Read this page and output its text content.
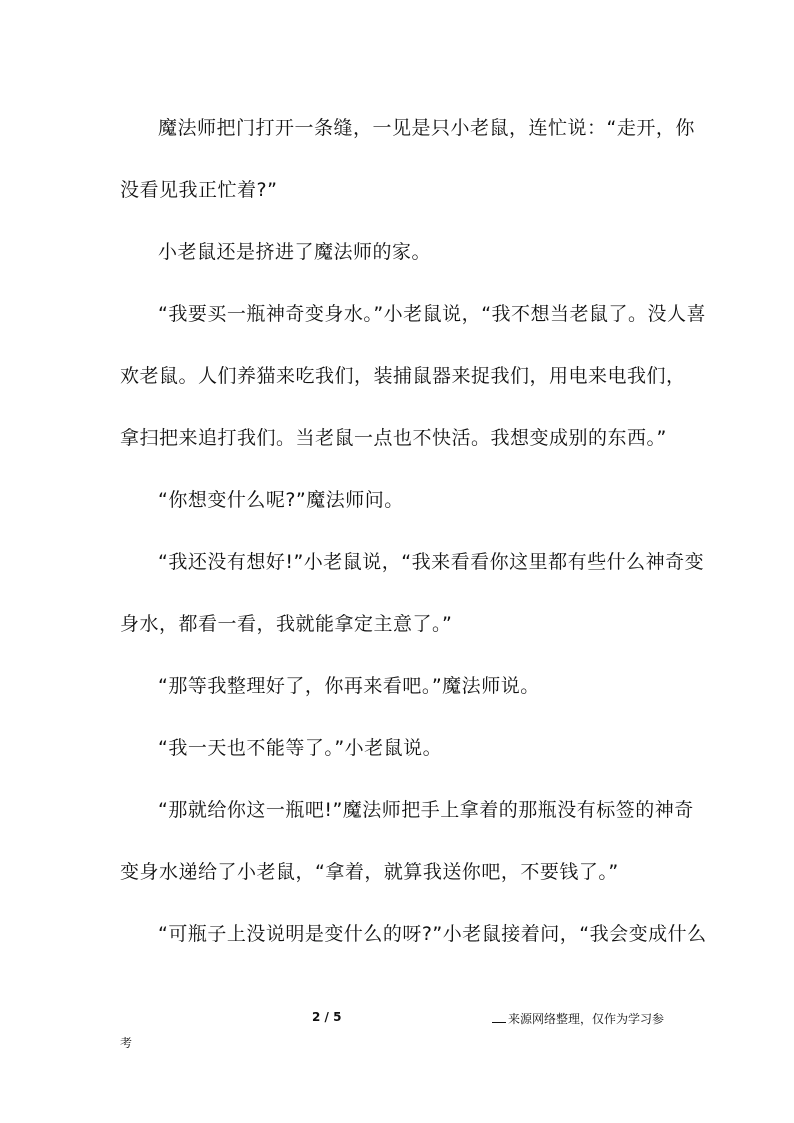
魔法师把门打开一条缝，一见是只小老鼠，连忙说：“走开，你
没看见我正忙着?”
小老鼠还是挤进了魔法师的家。
“我要买一瓶神奇变身水。”小老鼠说，“我不想当老鼠了。没人喜
欢老鼠。人们养猫来吃我们，装捕鼠器来捉我们，用电来电我们，
拿扫把来追打我们。当老鼠一点也不快活。我想变成别的东西。”
“你想变什么呢?”魔法师问。
“我还没有想好!”小老鼠说，“我来看看你这里都有些什么神奇变
身水，都看一看，我就能拿定主意了。”
“那等我整理好了，你再来看吧。”魔法师说。
“我一天也不能等了。”小老鼠说。
“那就给你这一瓶吧!”魔法师把手上拿着的那瓶没有标签的神奇
变身水递给了小老鼠，“拿着，就算我送你吧，不要钱了。”
“可瓶子上没说明是变什么的呀?”小老鼠接着问，“我会变成什么
2 / 5	来源网络整理，仅作为学习参
考
